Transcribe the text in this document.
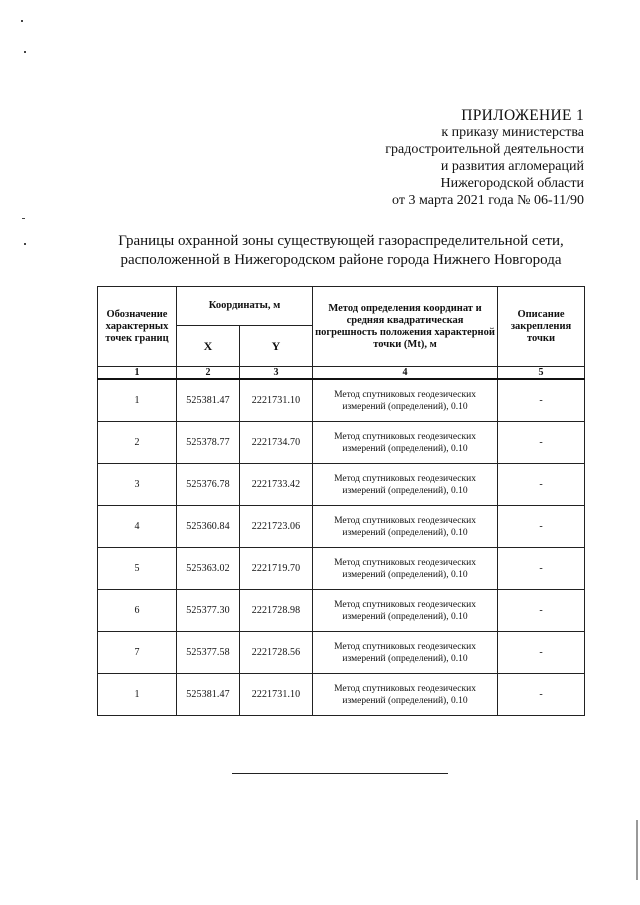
ПРИЛОЖЕНИЕ 1
к приказу министерства
градостроительной деятельности
и развития агломераций
Нижегородской области
от 3 марта 2021 года № 06-11/90
Границы охранной зоны существующей газораспределительной сети,
расположенной в Нижегородском районе города Нижнего Новгорода
Обозначение характерных точек границ	Координаты, м		Метод определения координат и средняя квадратическая погрешность положения характерной точки (Mt), м	Описание закрепления точки
	X	Y		
1	2	3	4	5
1	525381.47	2221731.10	Метод спутниковых геодезических измерений (определений), 0.10	-
2	525378.77	2221734.70	Метод спутниковых геодезических измерений (определений), 0.10	-
3	525376.78	2221733.42	Метод спутниковых геодезических измерений (определений), 0.10	-
4	525360.84	2221723.06	Метод спутниковых геодезических измерений (определений), 0.10	-
5	525363.02	2221719.70	Метод спутниковых геодезических измерений (определений), 0.10	-
6	525377.30	2221728.98	Метод спутниковых геодезических измерений (определений), 0.10	-
7	525377.58	2221728.56	Метод спутниковых геодезических измерений (определений), 0.10	-
1	525381.47	2221731.10	Метод спутниковых геодезических измерений (определений), 0.10	-
